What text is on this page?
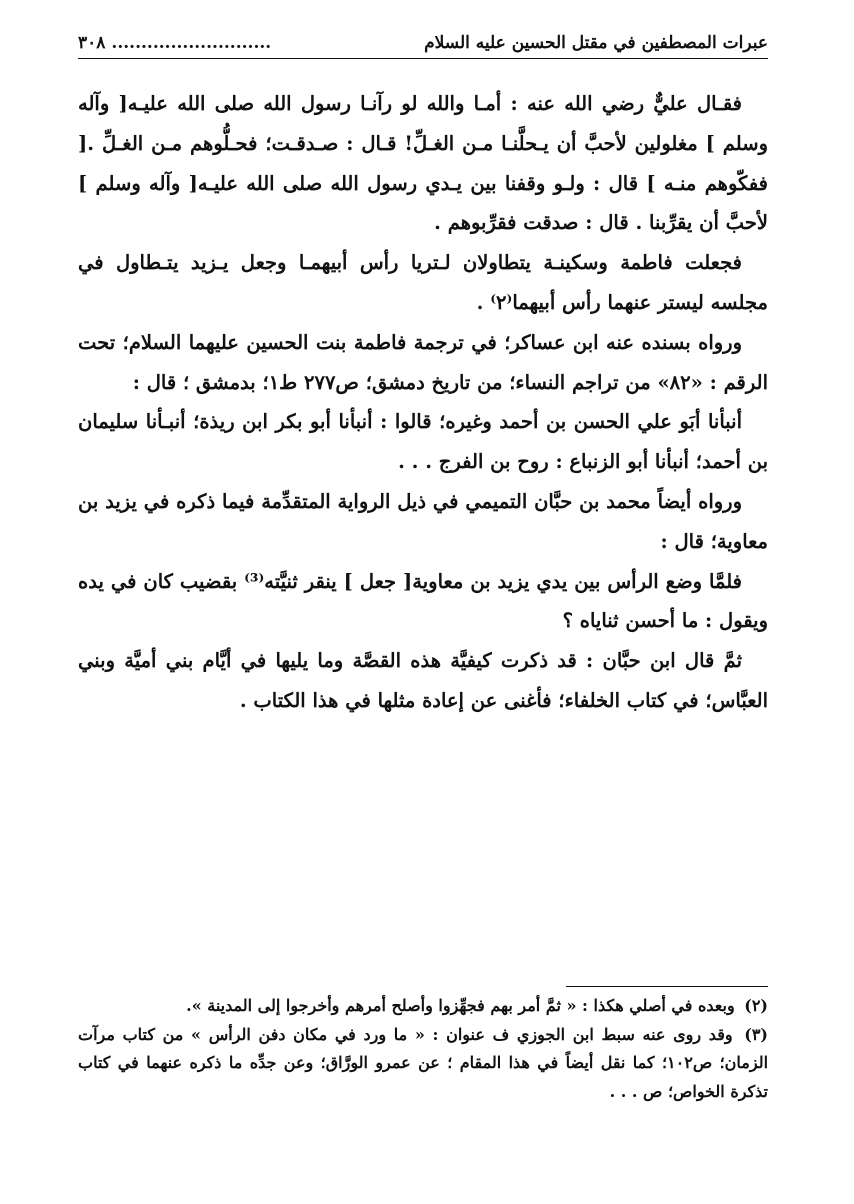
٣٠٨ ...........................	عبرات المصطفين في مقتل الحسين عليه السلام

فقـال عليٌّ رضي الله عنه : أمـا والله لو رآنـا رسول الله صلى الله عليـه[ وآله وسلم ] مغلولين لأحبَّ أن يـحلَّنـا مـن الغـلِّ! قـال : صـدقـت؛ فحـلُّوهم مـن الغـلِّ .[ ففكّوهم منـه ] قال : ولـو وقفنا بين يـدي رسول الله صلى الله عليـه[ وآله وسلم ] لأحبَّ أن يقرِّبنا . قال : صدقت فقرِّبوهم .

فجعلت فاطمة وسكينـة يتطاولان لـتريا رأس أبيهمـا وجعل يـزيد يتـطاول في مجلسه ليستر عنهما رأس أبيهما⁽٢⁾ .

ورواه بسنده عنه ابن عساكر؛ في ترجمة فاطمة بنت الحسين عليهما السلام؛ تحت الرقم : «٨٢» من تراجم النساء؛ من تاريخ دمشق؛ ص٢٧٧ ط١؛ بدمشق ؛ قال :

أنبأنا أبَو علي الحسن بن أحمد وغيره؛ قالوا : أنبأنا أبو بكر ابن ريذة؛ أنبـأنا سليمان بن أحمد؛ أنبأنا أبو الزنباع : روح بن الفرج . . .

ورواه أيضاً محمد بن حبَّان التميمي في ذيل الرواية المتقدِّمة فيما ذكره في يزيد بن معاوية؛ قال :

فلمَّا وضع الرأس بين يدي يزيد بن معاوية[ جعل ] ينقر ثنيَّته⁽³⁾ بقضيب كان في يده ويقول : ما أحسن ثناياه ؟

ثمَّ قال ابن حبَّان : قد ذكرت كيفيَّة هذه القصَّة وما يليها في أيَّام بني أميَّة وبني العبَّاس؛ في كتاب الخلفاء؛ فأغنى عن إعادة مثلها في هذا الكتاب .

(٢) وبعده في أصلي هكذا : « ثمَّ أمر بهم فجهِّزوا وأصلح أمرهم وأخرجوا إلى المدينة ».

(٣) وقد روى عنه سبط ابن الجوزي ف عنوان : « ما ورد في مكان دفن الرأس » من كتاب مرآت الزمان؛ ص١٠٢؛ كما نقل أيضاً في هذا المقام ؛ عن عمرو الورَّاق؛ وعن جدِّه ما ذكره عنهما في كتاب تذكرة الخواص؛ ص . . .
